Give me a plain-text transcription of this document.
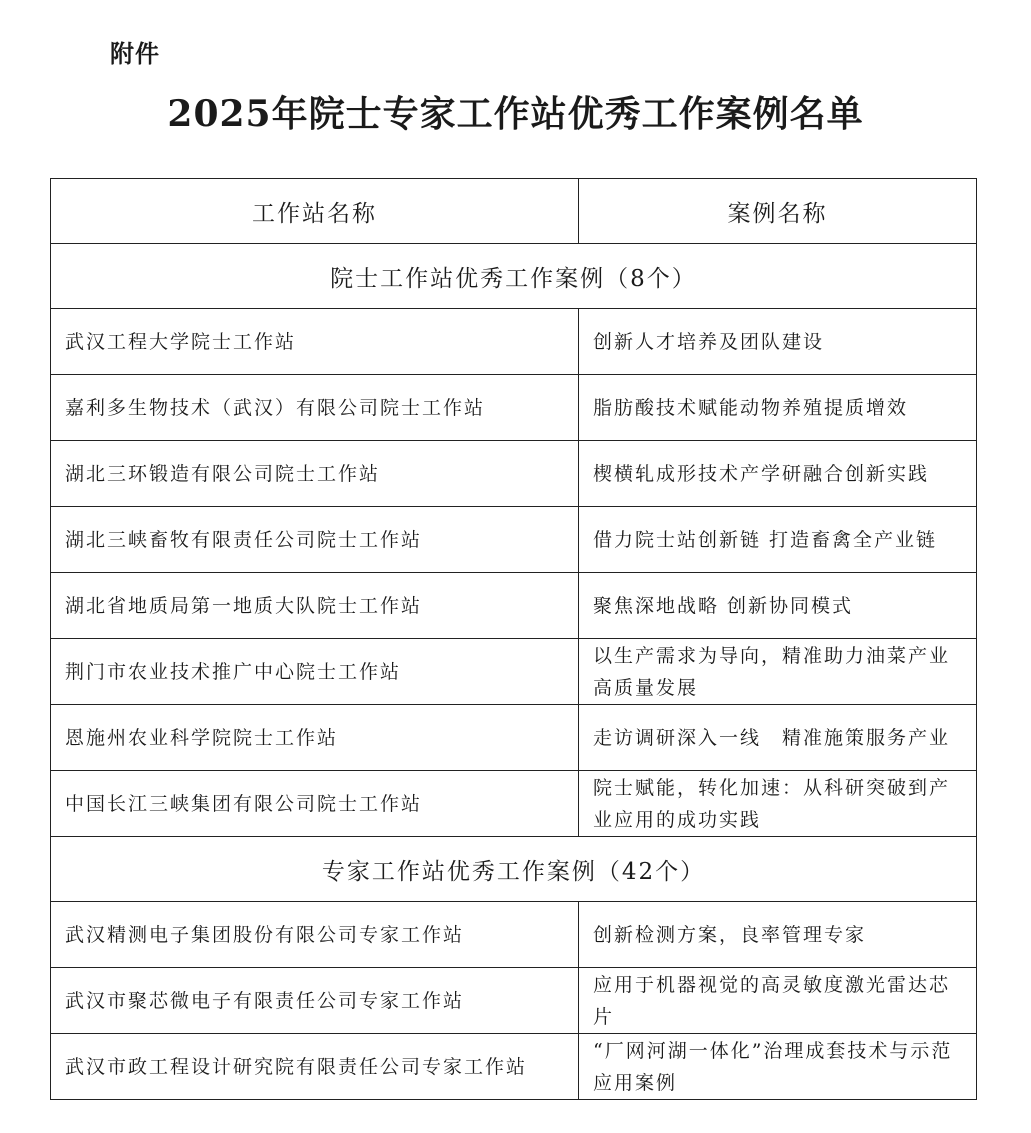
附件
2025年院士专家工作站优秀工作案例名单
工作站名称	案例名称
院士工作站优秀工作案例（8个）	
武汉工程大学院士工作站	创新人才培养及团队建设
嘉利多生物技术（武汉）有限公司院士工作站	脂肪酸技术赋能动物养殖提质增效
湖北三环锻造有限公司院士工作站	楔横轧成形技术产学研融合创新实践
湖北三峡畜牧有限责任公司院士工作站	借力院士站创新链 打造畜禽全产业链
湖北省地质局第一地质大队院士工作站	聚焦深地战略 创新协同模式
荆门市农业技术推广中心院士工作站	以生产需求为导向，精准助力油菜产业高质量发展
恩施州农业科学院院士工作站	走访调研深入一线　精准施策服务产业
中国长江三峡集团有限公司院士工作站	院士赋能，转化加速：从科研突破到产业应用的成功实践
专家工作站优秀工作案例（42个）	
武汉精测电子集团股份有限公司专家工作站	创新检测方案，良率管理专家
武汉市聚芯微电子有限责任公司专家工作站	应用于机器视觉的高灵敏度激光雷达芯片
武汉市政工程设计研究院有限责任公司专家工作站	“厂网河湖一体化”治理成套技术与示范应用案例
